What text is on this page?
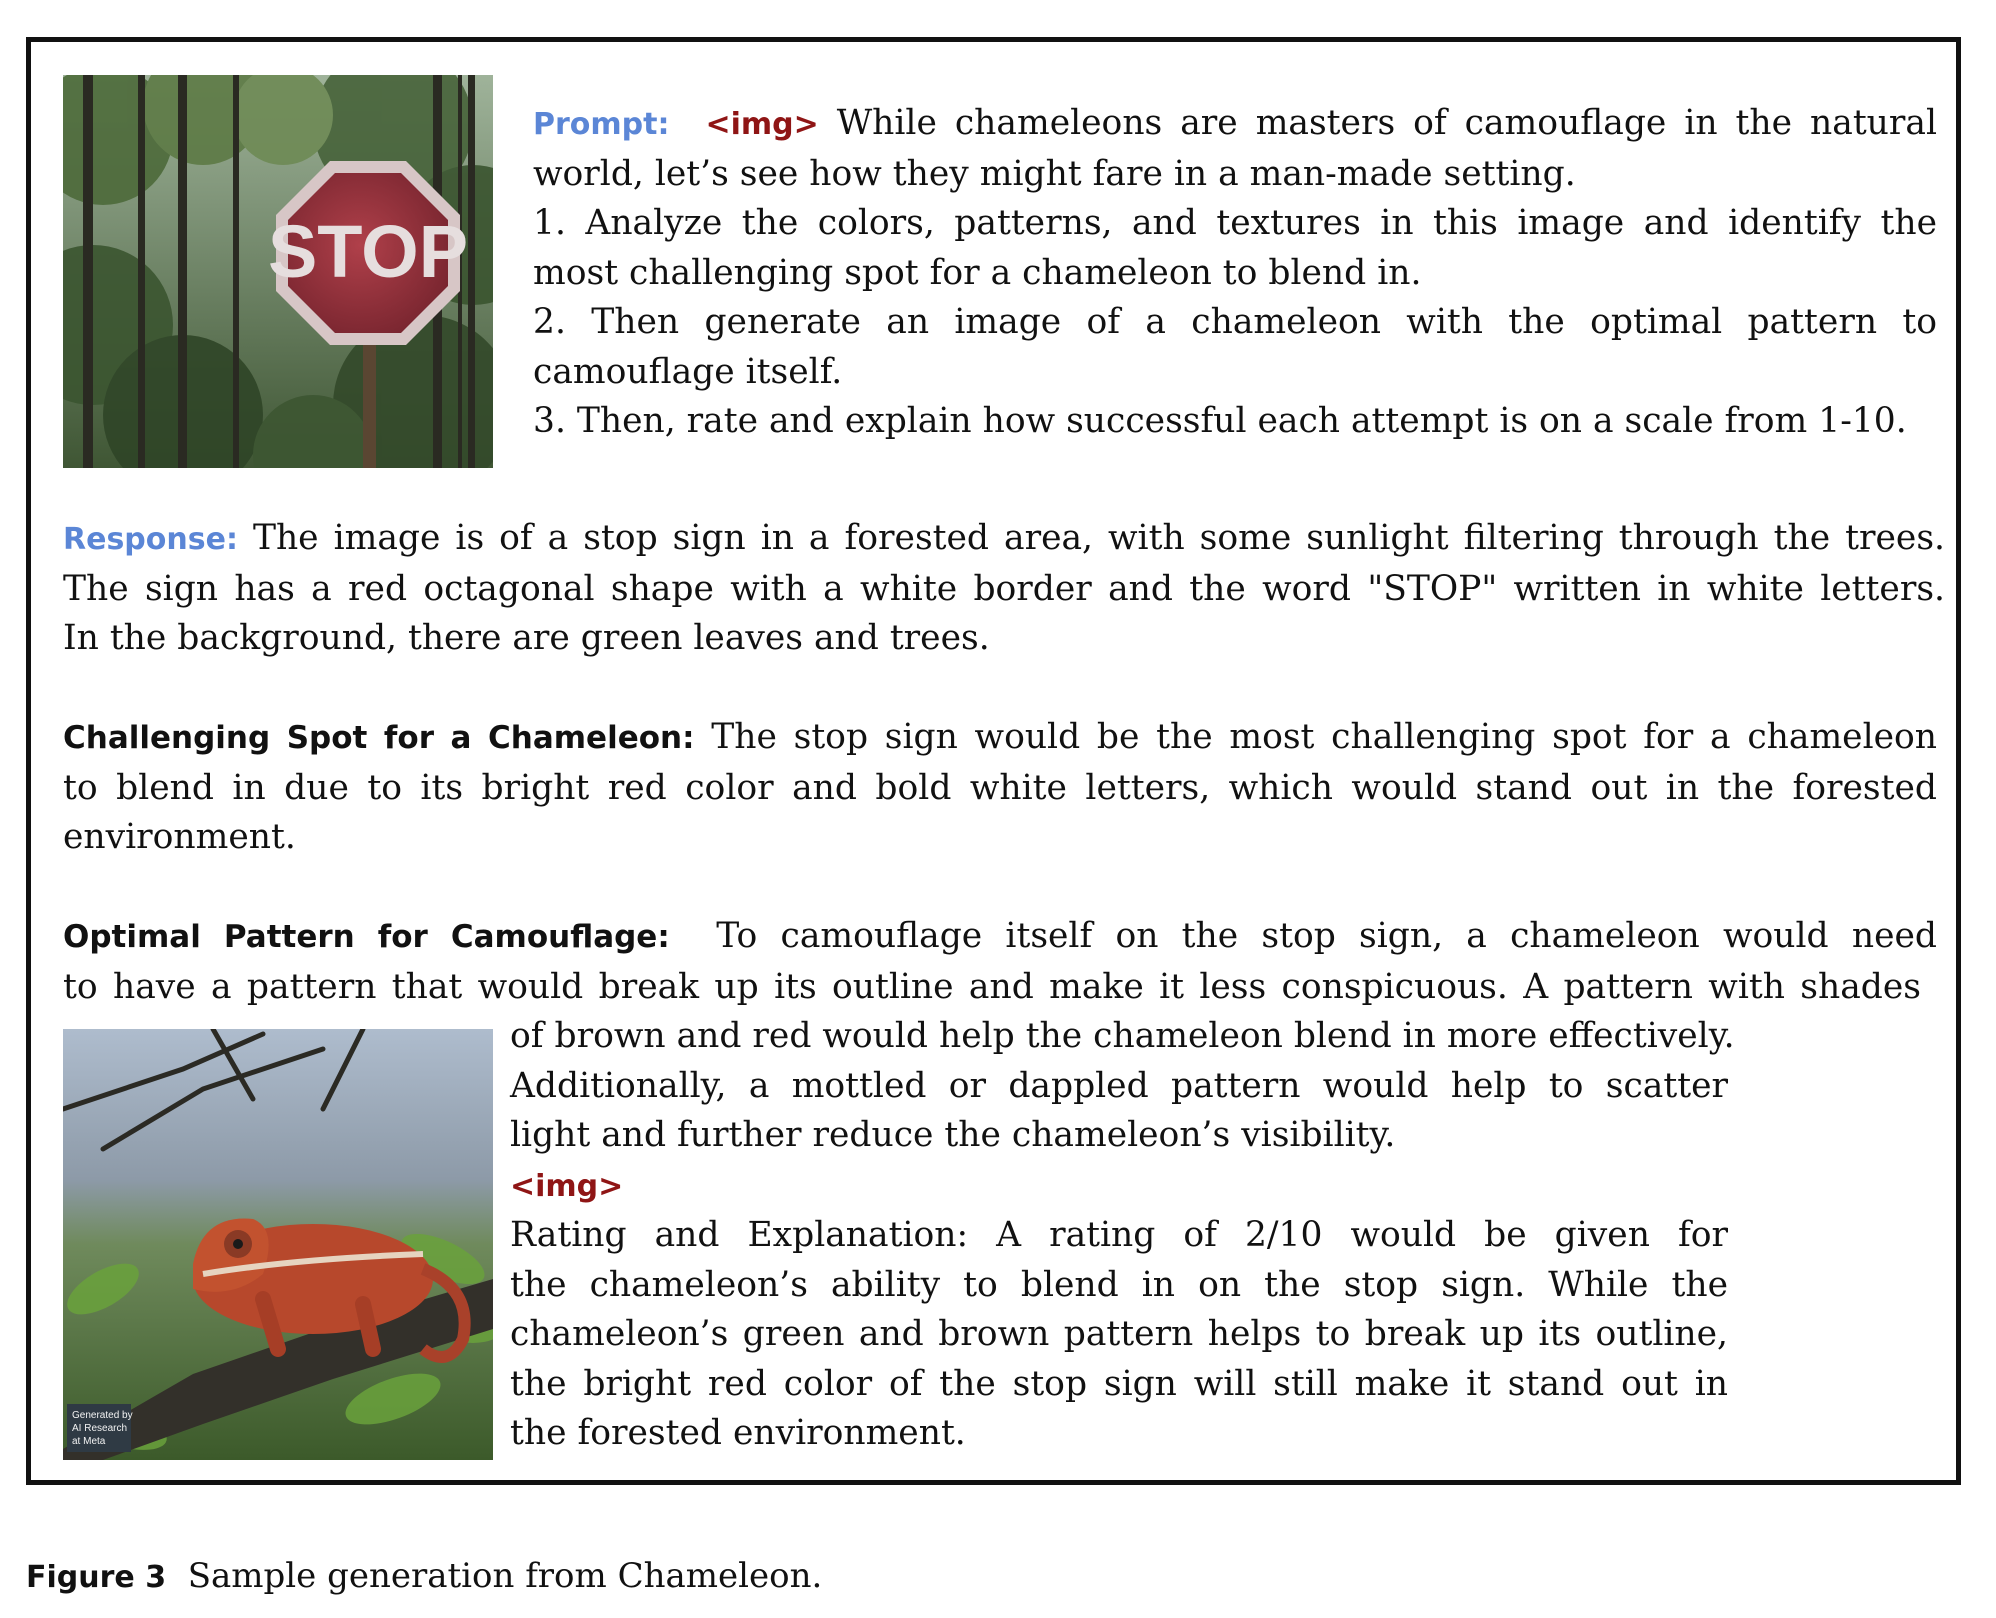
STOP
Prompt: <img> While chameleons are masters of camouflage in the natural
world, let’s see how they might fare in a man-made setting.
1. Analyze the colors, patterns, and textures in this image and identify the
most challenging spot for a chameleon to blend in.
2. Then generate an image of a chameleon with the optimal pattern to
camouflage itself.
3. Then, rate and explain how successful each attempt is on a scale from 1-10.
Response: The image is of a stop sign in a forested area, with some sunlight filtering through the trees.
The sign has a red octagonal shape with a white border and the word "STOP" written in white letters.
In the background, there are green leaves and trees.
Challenging Spot for a Chameleon: The stop sign would be the most challenging spot for a chameleon
to blend in due to its bright red color and bold white letters, which would stand out in the forested
environment.
Optimal Pattern for Camouflage: To camouflage itself on the stop sign, a chameleon would need
to have a pattern that would break up its outline and make it less conspicuous. A pattern with shades
Generated by
AI Research
at Meta
of brown and red would help the chameleon blend in more effectively.
Additionally, a mottled or dappled pattern would help to scatter
light and further reduce the chameleon’s visibility.
<img>
Rating and Explanation: A rating of 2/10 would be given for
the chameleon’s ability to blend in on the stop sign. While the
chameleon’s green and brown pattern helps to break up its outline,
the bright red color of the stop sign will still make it stand out in
the forested environment.
Figure 3 Sample generation from Chameleon.
